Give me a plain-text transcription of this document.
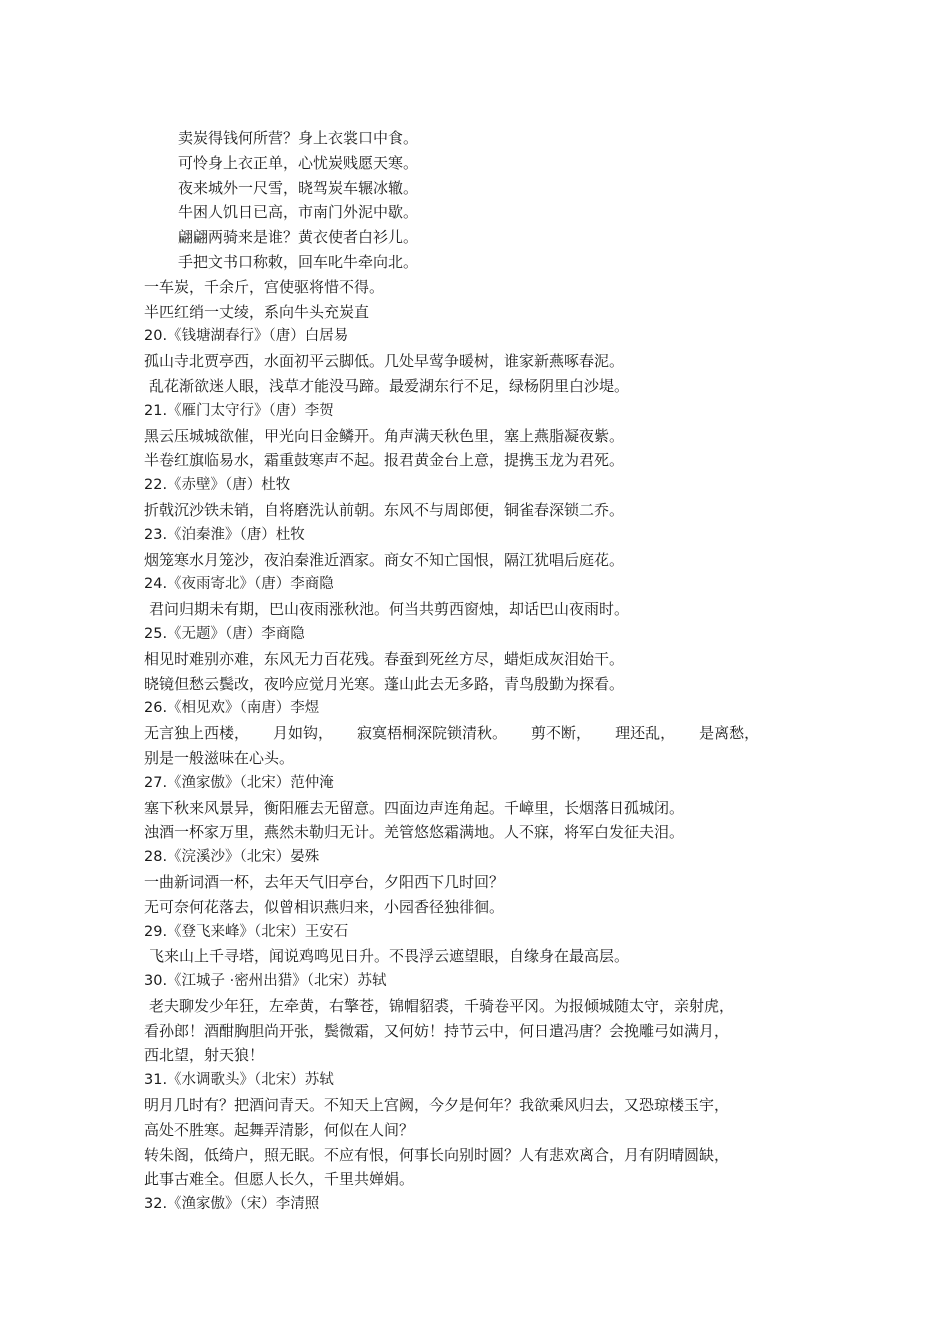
卖炭得钱何所营？身上衣裳口中食。
可怜身上衣正单，心忧炭贱愿天寒。
夜来城外一尺雪，晓驾炭车辗冰辙。
牛困人饥日已高，市南门外泥中歇。
翩翩两骑来是谁？黄衣使者白衫儿。
手把文书口称敕，回车叱牛牵向北。
一车炭，千余斤，宫使驱将惜不得。
半匹红绡一丈绫，系向牛头充炭直
20.《钱塘湖春行》（唐）白居易
孤山寺北贾亭西，水面初平云脚低。几处早莺争暖树，谁家新燕啄春泥。
乱花渐欲迷人眼，浅草才能没马蹄。最爱湖东行不足，绿杨阴里白沙堤。
21.《雁门太守行》（唐）李贺
黑云压城城欲催，甲光向日金鳞开。角声满天秋色里，塞上燕脂凝夜紫。
半卷红旗临易水，霜重鼓寒声不起。报君黄金台上意，提携玉龙为君死。
22.《赤壁》（唐）杜牧
折戟沉沙铁未销，自将磨洗认前朝。东风不与周郎便，铜雀春深锁二乔。
23.《泊秦淮》（唐）杜牧
烟笼寒水月笼沙，夜泊秦淮近酒家。商女不知亡国恨，隔江犹唱后庭花。
24.《夜雨寄北》（唐）李商隐
君问归期未有期，巴山夜雨涨秋池。何当共剪西窗烛，却话巴山夜雨时。
25.《无题》（唐）李商隐
相见时难别亦难，东风无力百花残。春蚕到死丝方尽，蜡炬成灰泪始干。
晓镜但愁云鬓改，夜吟应觉月光寒。蓬山此去无多路，青鸟殷勤为探看。
26.《相见欢》（南唐）李煜
无言独上西楼， 月如钩， 寂寞梧桐深院锁清秋。 剪不断， 理还乱， 是离愁，
别是一般滋味在心头。
27.《渔家傲》（北宋）范仲淹
塞下秋来风景异，衡阳雁去无留意。四面边声连角起。千嶂里，长烟落日孤城闭。
浊酒一杯家万里，燕然未勒归无计。羌管悠悠霜满地。人不寐，将军白发征夫泪。
28.《浣溪沙》（北宋）晏殊
一曲新词酒一杯，去年天气旧亭台，夕阳西下几时回？
无可奈何花落去，似曾相识燕归来，小园香径独徘徊。
29.《登飞来峰》（北宋）王安石
飞来山上千寻塔，闻说鸡鸣见日升。不畏浮云遮望眼，自缘身在最高层。
30.《江城子 ·密州出猎》（北宋）苏轼
老夫聊发少年狂，左牵黄，右擎苍，锦帽貂裘，千骑卷平冈。为报倾城随太守，亲射虎，
看孙郎！酒酣胸胆尚开张，鬓微霜，又何妨！持节云中，何日遣冯唐？会挽雕弓如满月，
西北望，射天狼！
31.《水调歌头》（北宋）苏轼
明月几时有？把酒问青天。不知天上宫阙，今夕是何年？我欲乘风归去，又恐琼楼玉宇，
高处不胜寒。起舞弄清影，何似在人间？
转朱阁，低绮户，照无眠。不应有恨，何事长向别时圆？人有悲欢离合，月有阴晴圆缺，
此事古难全。但愿人长久，千里共婵娟。
32.《渔家傲》（宋）李清照
